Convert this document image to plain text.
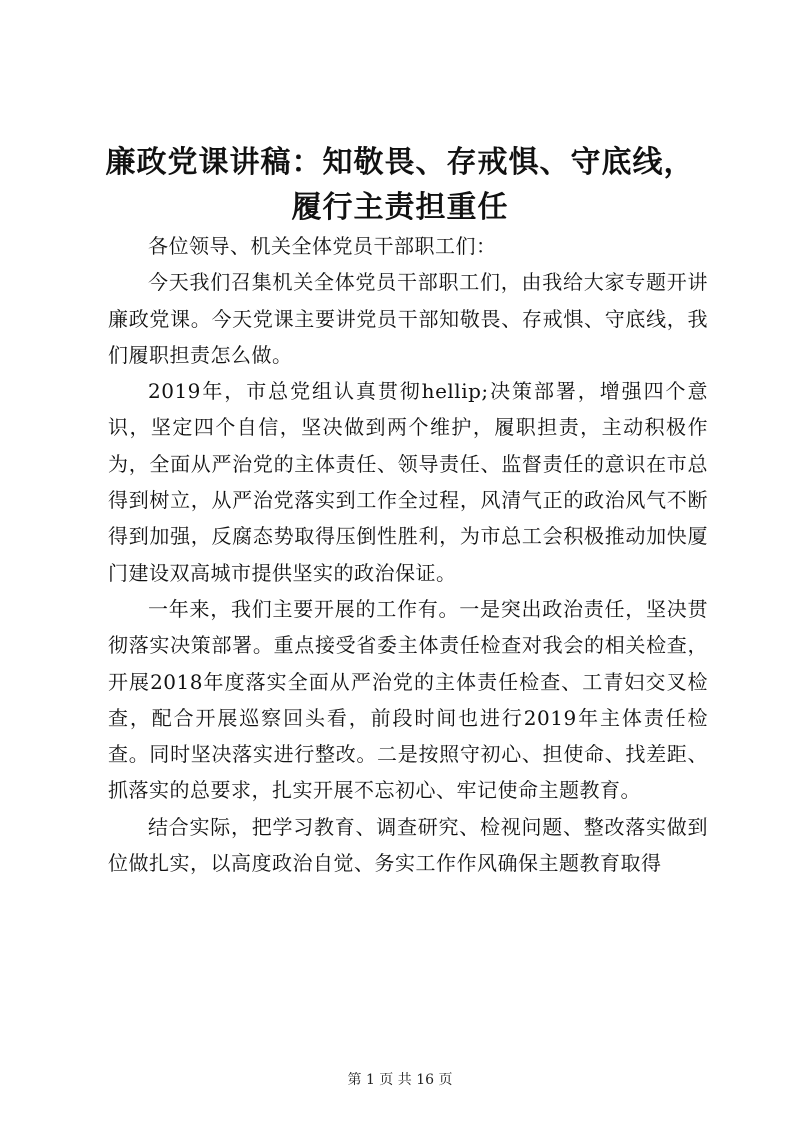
廉政党课讲稿：知敬畏、存戒惧、守底线，履行主责担重任

各位领导、机关全体党员干部职工们：

今天我们召集机关全体党员干部职工们，由我给大家专题开讲廉政党课。今天党课主要讲党员干部知敬畏、存戒惧、守底线，我们履职担责怎么做。

2019年，市总党组认真贯彻hellip;决策部署，增强四个意识，坚定四个自信，坚决做到两个维护，履职担责，主动积极作为，全面从严治党的主体责任、领导责任、监督责任的意识在市总得到树立，从严治党落实到工作全过程，风清气正的政治风气不断得到加强，反腐态势取得压倒性胜利，为市总工会积极推动加快厦门建设双高城市提供坚实的政治保证。

一年来，我们主要开展的工作有。一是突出政治责任，坚决贯彻落实决策部署。重点接受省委主体责任检查对我会的相关检查，开展2018年度落实全面从严治党的主体责任检查、工青妇交叉检查，配合开展巡察回头看，前段时间也进行2019年主体责任检查。同时坚决落实进行整改。二是按照守初心、担使命、找差距、抓落实的总要求，扎实开展不忘初心、牢记使命主题教育。

结合实际，把学习教育、调查研究、检视问题、整改落实做到位做扎实，以高度政治自觉、务实工作作风确保主题教育取得

第 1 页 共 16 页
